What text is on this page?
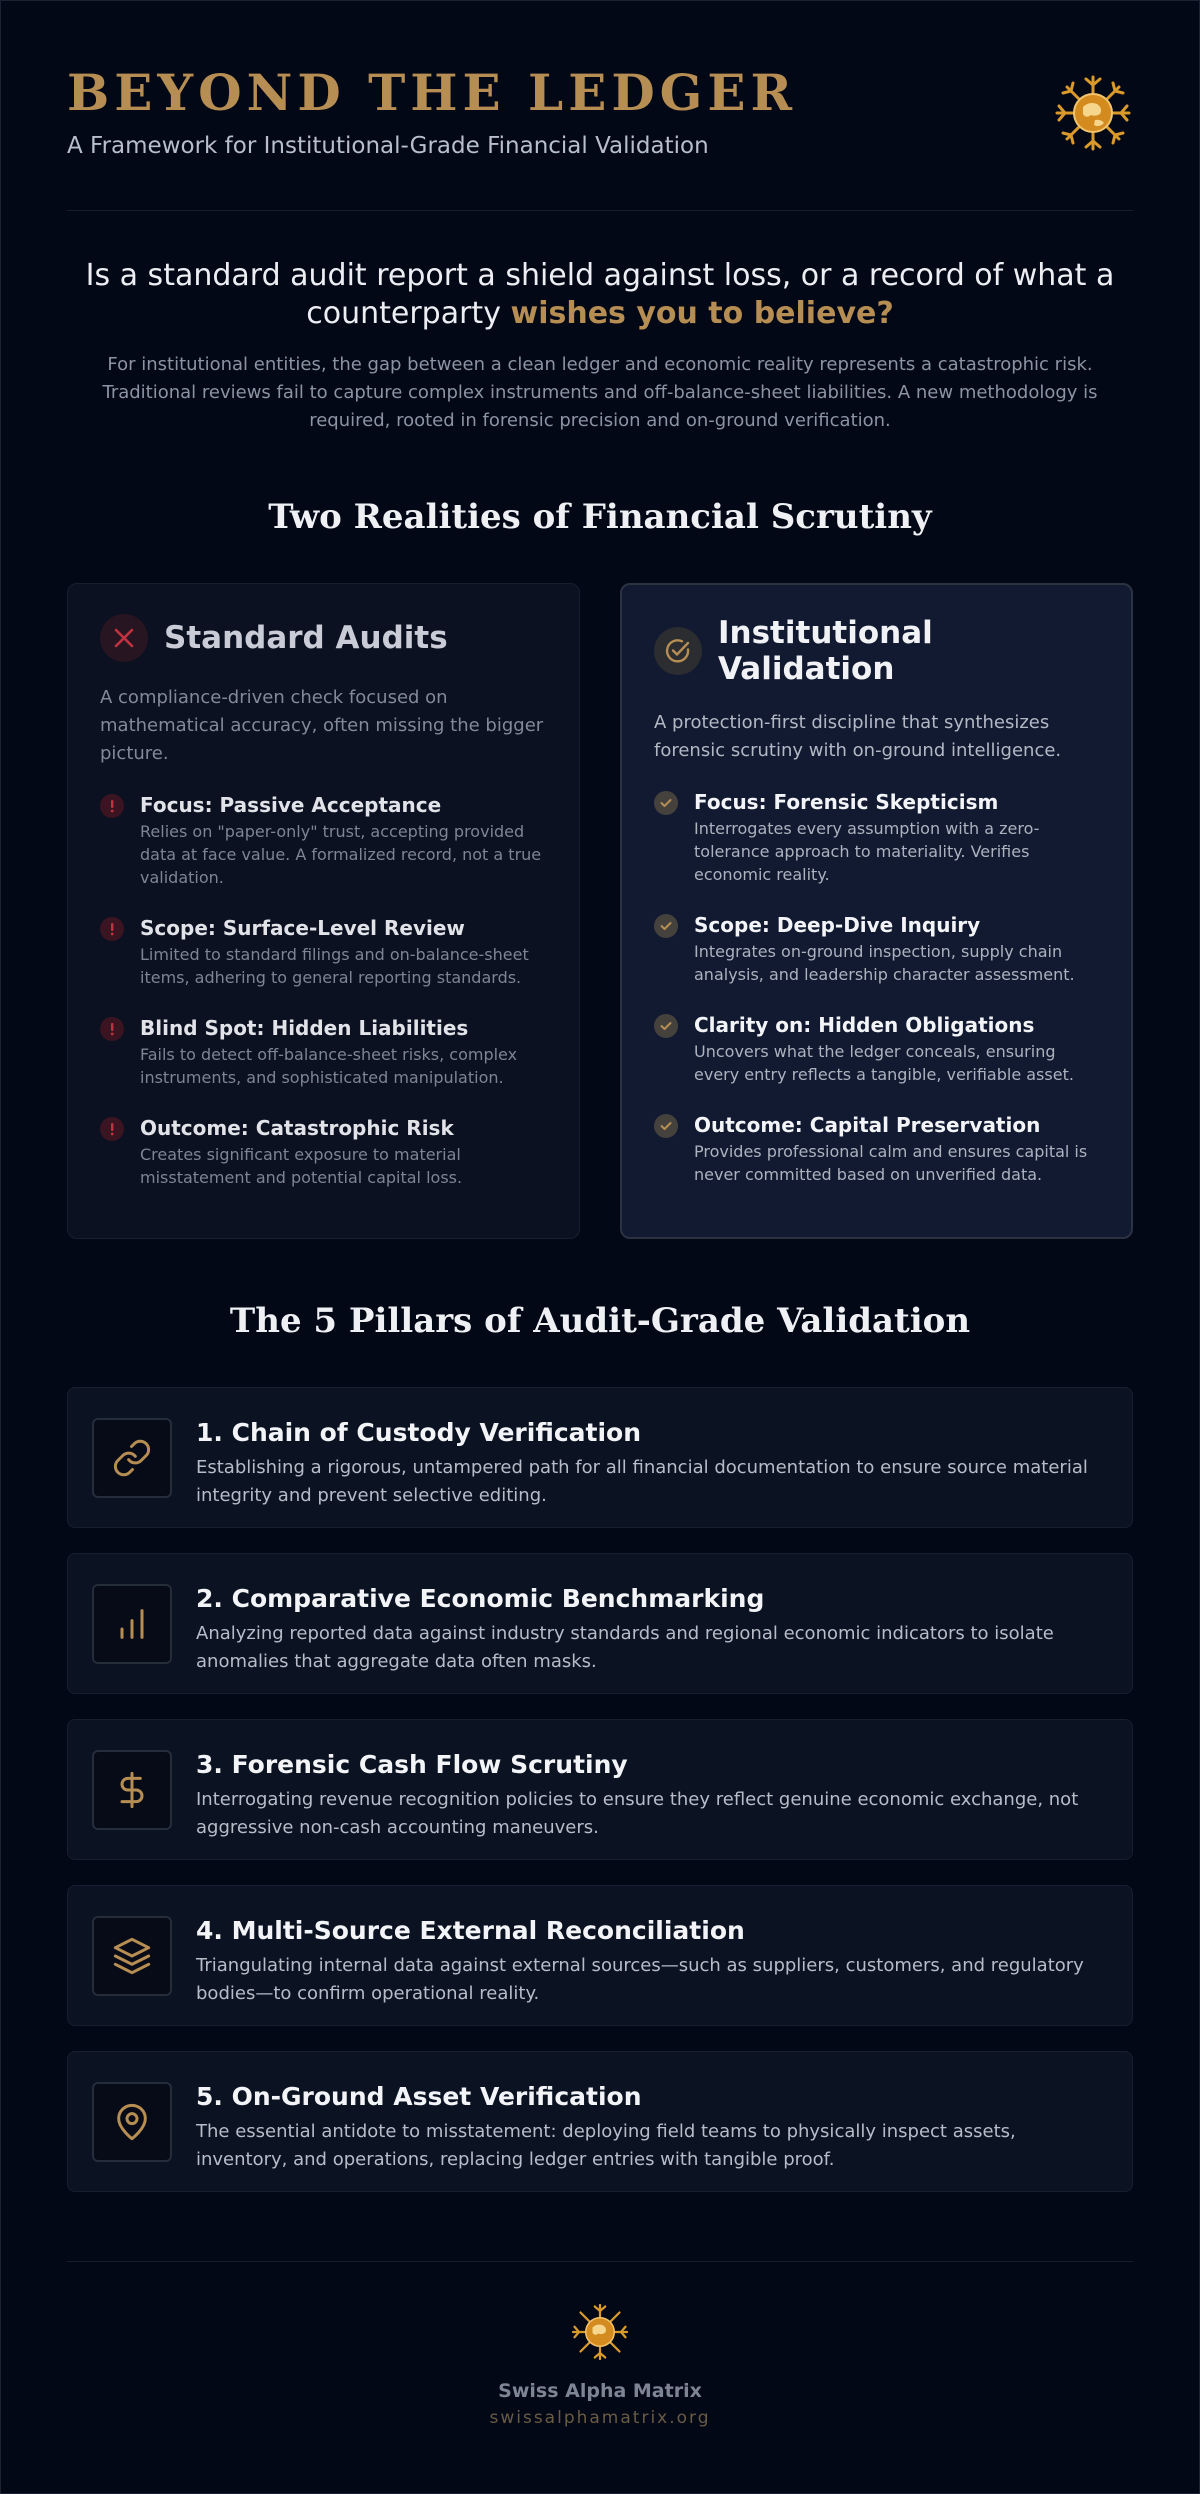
BEYOND THE LEDGER
A Framework for Institutional-Grade Financial Validation

Is a standard audit report a shield against loss, or a record of what a counterparty wishes you to believe?

For institutional entities, the gap between a clean ledger and economic reality represents a catastrophic risk. Traditional reviews fail to capture complex instruments and off-balance-sheet liabilities. A new methodology is required, rooted in forensic precision and on-ground verification.

Two Realities of Financial Scrutiny
Standard Audits

A compliance-driven check focused on mathematical accuracy, often missing the bigger picture.

Focus: Passive Acceptance
Relies on "paper-only" trust, accepting provided data at face value. A formalized record, not a true validation.
Scope: Surface-Level Review
Limited to standard filings and on-balance-sheet items, adhering to general reporting standards.
Blind Spot: Hidden Liabilities
Fails to detect off-balance-sheet risks, complex instruments, and sophisticated manipulation.
Outcome: Catastrophic Risk
Creates significant exposure to material misstatement and potential capital loss.
Institutional Validation

A protection-first discipline that synthesizes forensic scrutiny with on-ground intelligence.

Focus: Forensic Skepticism
Interrogates every assumption with a zero-tolerance approach to materiality. Verifies economic reality.
Scope: Deep-Dive Inquiry
Integrates on-ground inspection, supply chain analysis, and leadership character assessment.
Clarity on: Hidden Obligations
Uncovers what the ledger conceals, ensuring every entry reflects a tangible, verifiable asset.
Outcome: Capital Preservation
Provides professional calm and ensures capital is never committed based on unverified data.
The 5 Pillars of Audit-Grade Validation
1. Chain of Custody Verification
Establishing a rigorous, untampered path for all financial documentation to ensure source material integrity and prevent selective editing.
2. Comparative Economic Benchmarking
Analyzing reported data against industry standards and regional economic indicators to isolate anomalies that aggregate data often masks.
3. Forensic Cash Flow Scrutiny
Interrogating revenue recognition policies to ensure they reflect genuine economic exchange, not aggressive non-cash accounting maneuvers.
4. Multi-Source External Reconciliation
Triangulating internal data against external sources—such as suppliers, customers, and regulatory bodies—to confirm operational reality.
5. On-Ground Asset Verification
The essential antidote to misstatement: deploying field teams to physically inspect assets, inventory, and operations, replacing ledger entries with tangible proof.
Swiss Alpha Matrix
swissalphamatrix.org
